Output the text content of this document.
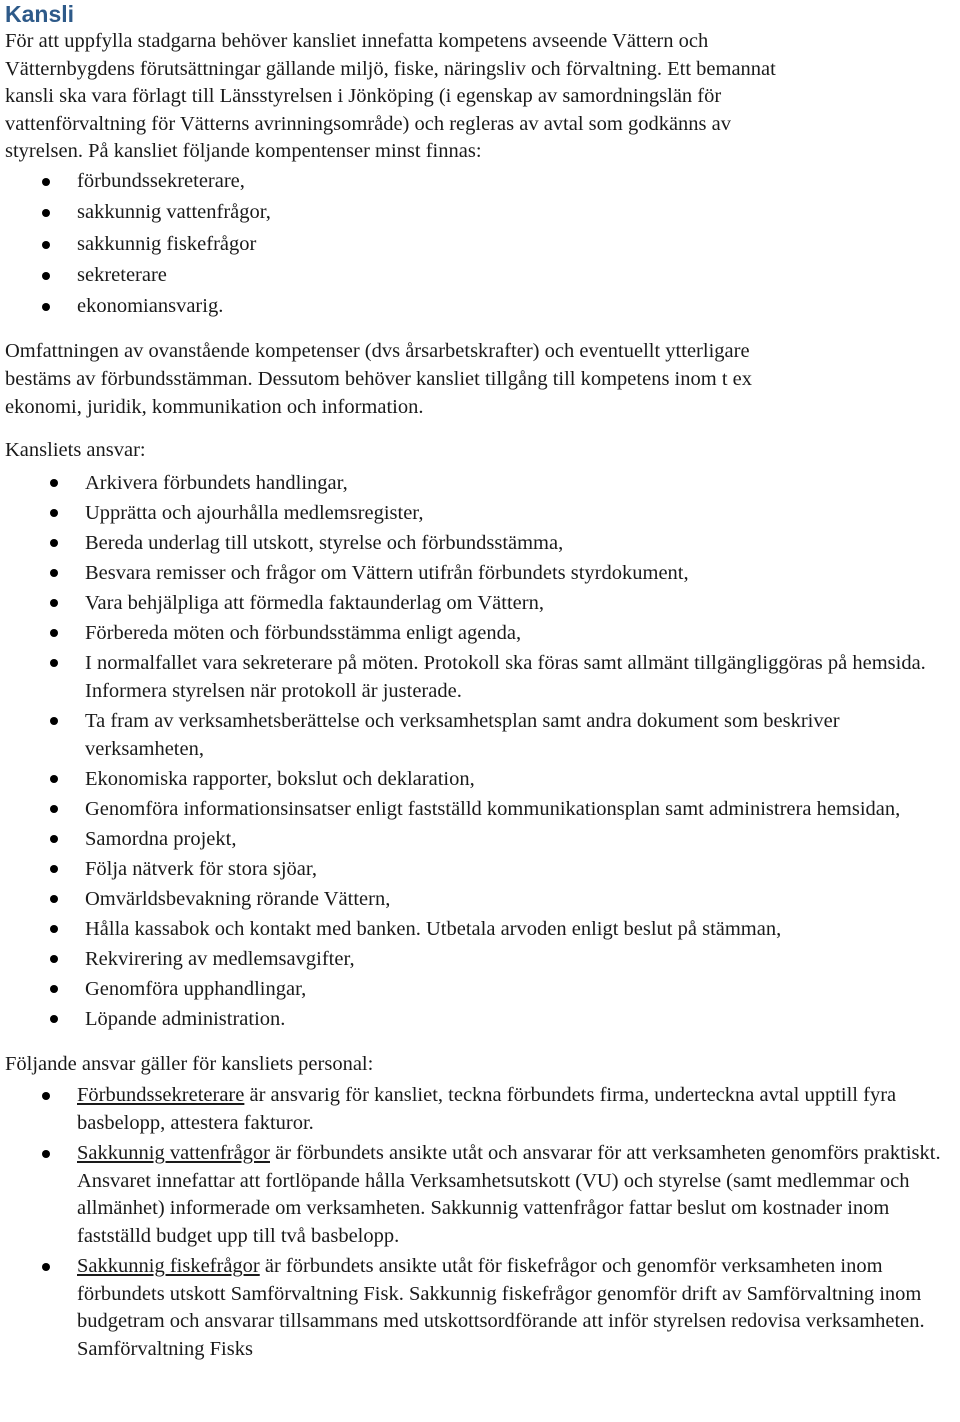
Kansli

För att uppfylla stadgarna behöver kansliet innefatta kompetens avseende Vättern och
Vätternbygdens förutsättningar gällande miljö, fiske, näringsliv och förvaltning. Ett bemannat
kansli ska vara förlagt till Länsstyrelsen i Jönköping (i egenskap av samordningslän för
vattenförvaltning för Vätterns avrinningsområde) och regleras av avtal som godkänns av
styrelsen. På kansliet följande kompentenser minst finnas:

förbundssekreterare,
sakkunnig vattenfrågor,
sakkunnig fiskefrågor
sekreterare
ekonomiansvarig.

Omfattningen av ovanstående kompetenser (dvs årsarbetskrafter) och eventuellt ytterligare
bestäms av förbundsstämman. Dessutom behöver kansliet tillgång till kompetens inom t ex
ekonomi, juridik, kommunikation och information.

Kansliets ansvar:

Arkivera förbundets handlingar,
Upprätta och ajourhålla medlemsregister,
Bereda underlag till utskott, styrelse och förbundsstämma,
Besvara remisser och frågor om Vättern utifrån förbundets styrdokument,
Vara behjälpliga att förmedla faktaunderlag om Vättern,
Förbereda möten och förbundsstämma enligt agenda,
I normalfallet vara sekreterare på möten. Protokoll ska föras samt allmänt tillgängliggöras på hemsida. Informera styrelsen när protokoll är justerade.
Ta fram av verksamhetsberättelse och verksamhetsplan samt andra dokument som beskriver verksamheten,
Ekonomiska rapporter, bokslut och deklaration,
Genomföra informationsinsatser enligt fastställd kommunikationsplan samt administrera hemsidan,
Samordna projekt,
Följa nätverk för stora sjöar,
Omvärldsbevakning rörande Vättern,
Hålla kassabok och kontakt med banken. Utbetala arvoden enligt beslut på stämman,
Rekvirering av medlemsavgifter,
Genomföra upphandlingar,
Löpande administration.

Följande ansvar gäller för kansliets personal:

Förbundssekreterare är ansvarig för kansliet, teckna förbundets firma, underteckna avtal upptill fyra basbelopp, attestera fakturor.
Sakkunnig vattenfrågor är förbundets ansikte utåt och ansvarar för att verksamheten genomförs praktiskt. Ansvaret innefattar att fortlöpande hålla Verksamhetsutskott (VU) och styrelse (samt medlemmar och allmänhet) informerade om verksamheten. Sakkunnig vattenfrågor fattar beslut om kostnader inom fastställd budget upp till två basbelopp.
Sakkunnig fiskefrågor är förbundets ansikte utåt för fiskefrågor och genomför verksamheten inom förbundets utskott Samförvaltning Fisk. Sakkunnig fiskefrågor genomför drift av Samförvaltning inom budgetram och ansvarar tillsammans med utskottsordförande att inför styrelsen redovisa verksamheten. Samförvaltning Fisks
